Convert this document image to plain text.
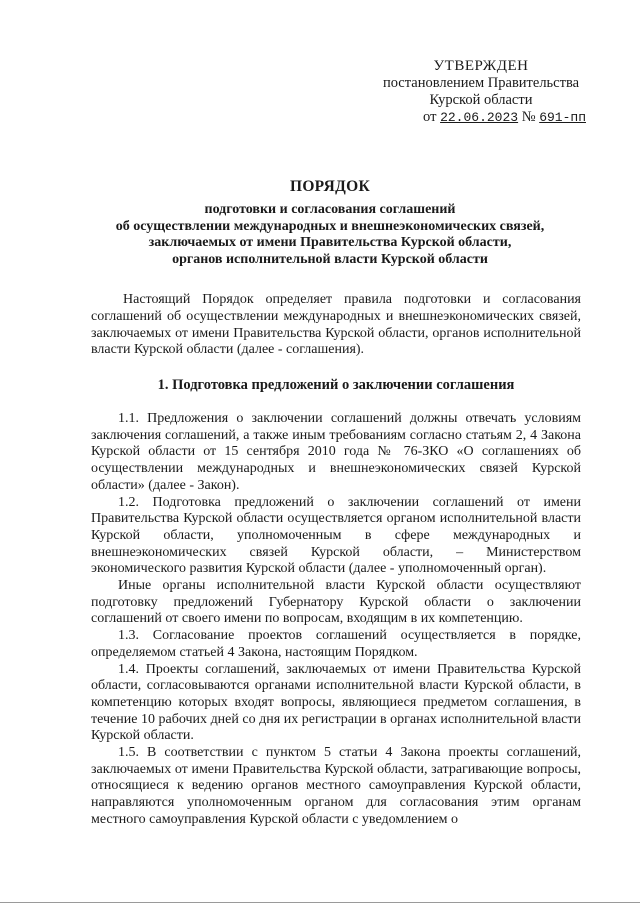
УТВЕРЖДЕН
постановлением Правительства
Курской области
от 22.06.2023 № 691-пп
ПОРЯДОК
подготовки и согласования соглашений
об осуществлении международных и внешнеэкономических связей,
заключаемых от имени Правительства Курской области,
органов исполнительной власти Курской области

Настоящий Порядок определяет правила подготовки и согласования соглашений об осуществлении международных и внешнеэкономических связей, заключаемых от имени Правительства Курской области, органов исполнительной власти Курской области (далее - соглашения).

1. Подготовка предложений о заключении соглашения

1.1. Предложения о заключении соглашений должны отвечать условиям заключения соглашений, а также иным требованиям согласно статьям 2, 4 Закона Курской области от 15 сентября 2010 года № 76-ЗКО «О соглашениях об осуществлении международных и внешнеэкономических связей Курской области» (далее - Закон).

1.2. Подготовка предложений о заключении соглашений от имени Правительства Курской области осуществляется органом исполнительной власти Курской области, уполномоченным в сфере международных и внешнеэкономических связей Курской области, – Министерством экономического развития Курской области (далее - уполномоченный орган).

Иные органы исполнительной власти Курской области осуществляют подготовку предложений Губернатору Курской области о заключении соглашений от своего имени по вопросам, входящим в их компетенцию.

1.3. Согласование проектов соглашений осуществляется в порядке, определяемом статьей 4 Закона, настоящим Порядком.

1.4. Проекты соглашений, заключаемых от имени Правительства Курской области, согласовываются органами исполнительной власти Курской области, в компетенцию которых входят вопросы, являющиеся предметом соглашения, в течение 10 рабочих дней со дня их регистрации в органах исполнительной власти Курской области.

1.5. В соответствии с пунктом 5 статьи 4 Закона проекты соглашений, заключаемых от имени Правительства Курской области, затрагивающие вопросы, относящиеся к ведению органов местного самоуправления Курской области, направляются уполномоченным органом для согласования этим органам местного самоуправления Курской области с уведомлением о
